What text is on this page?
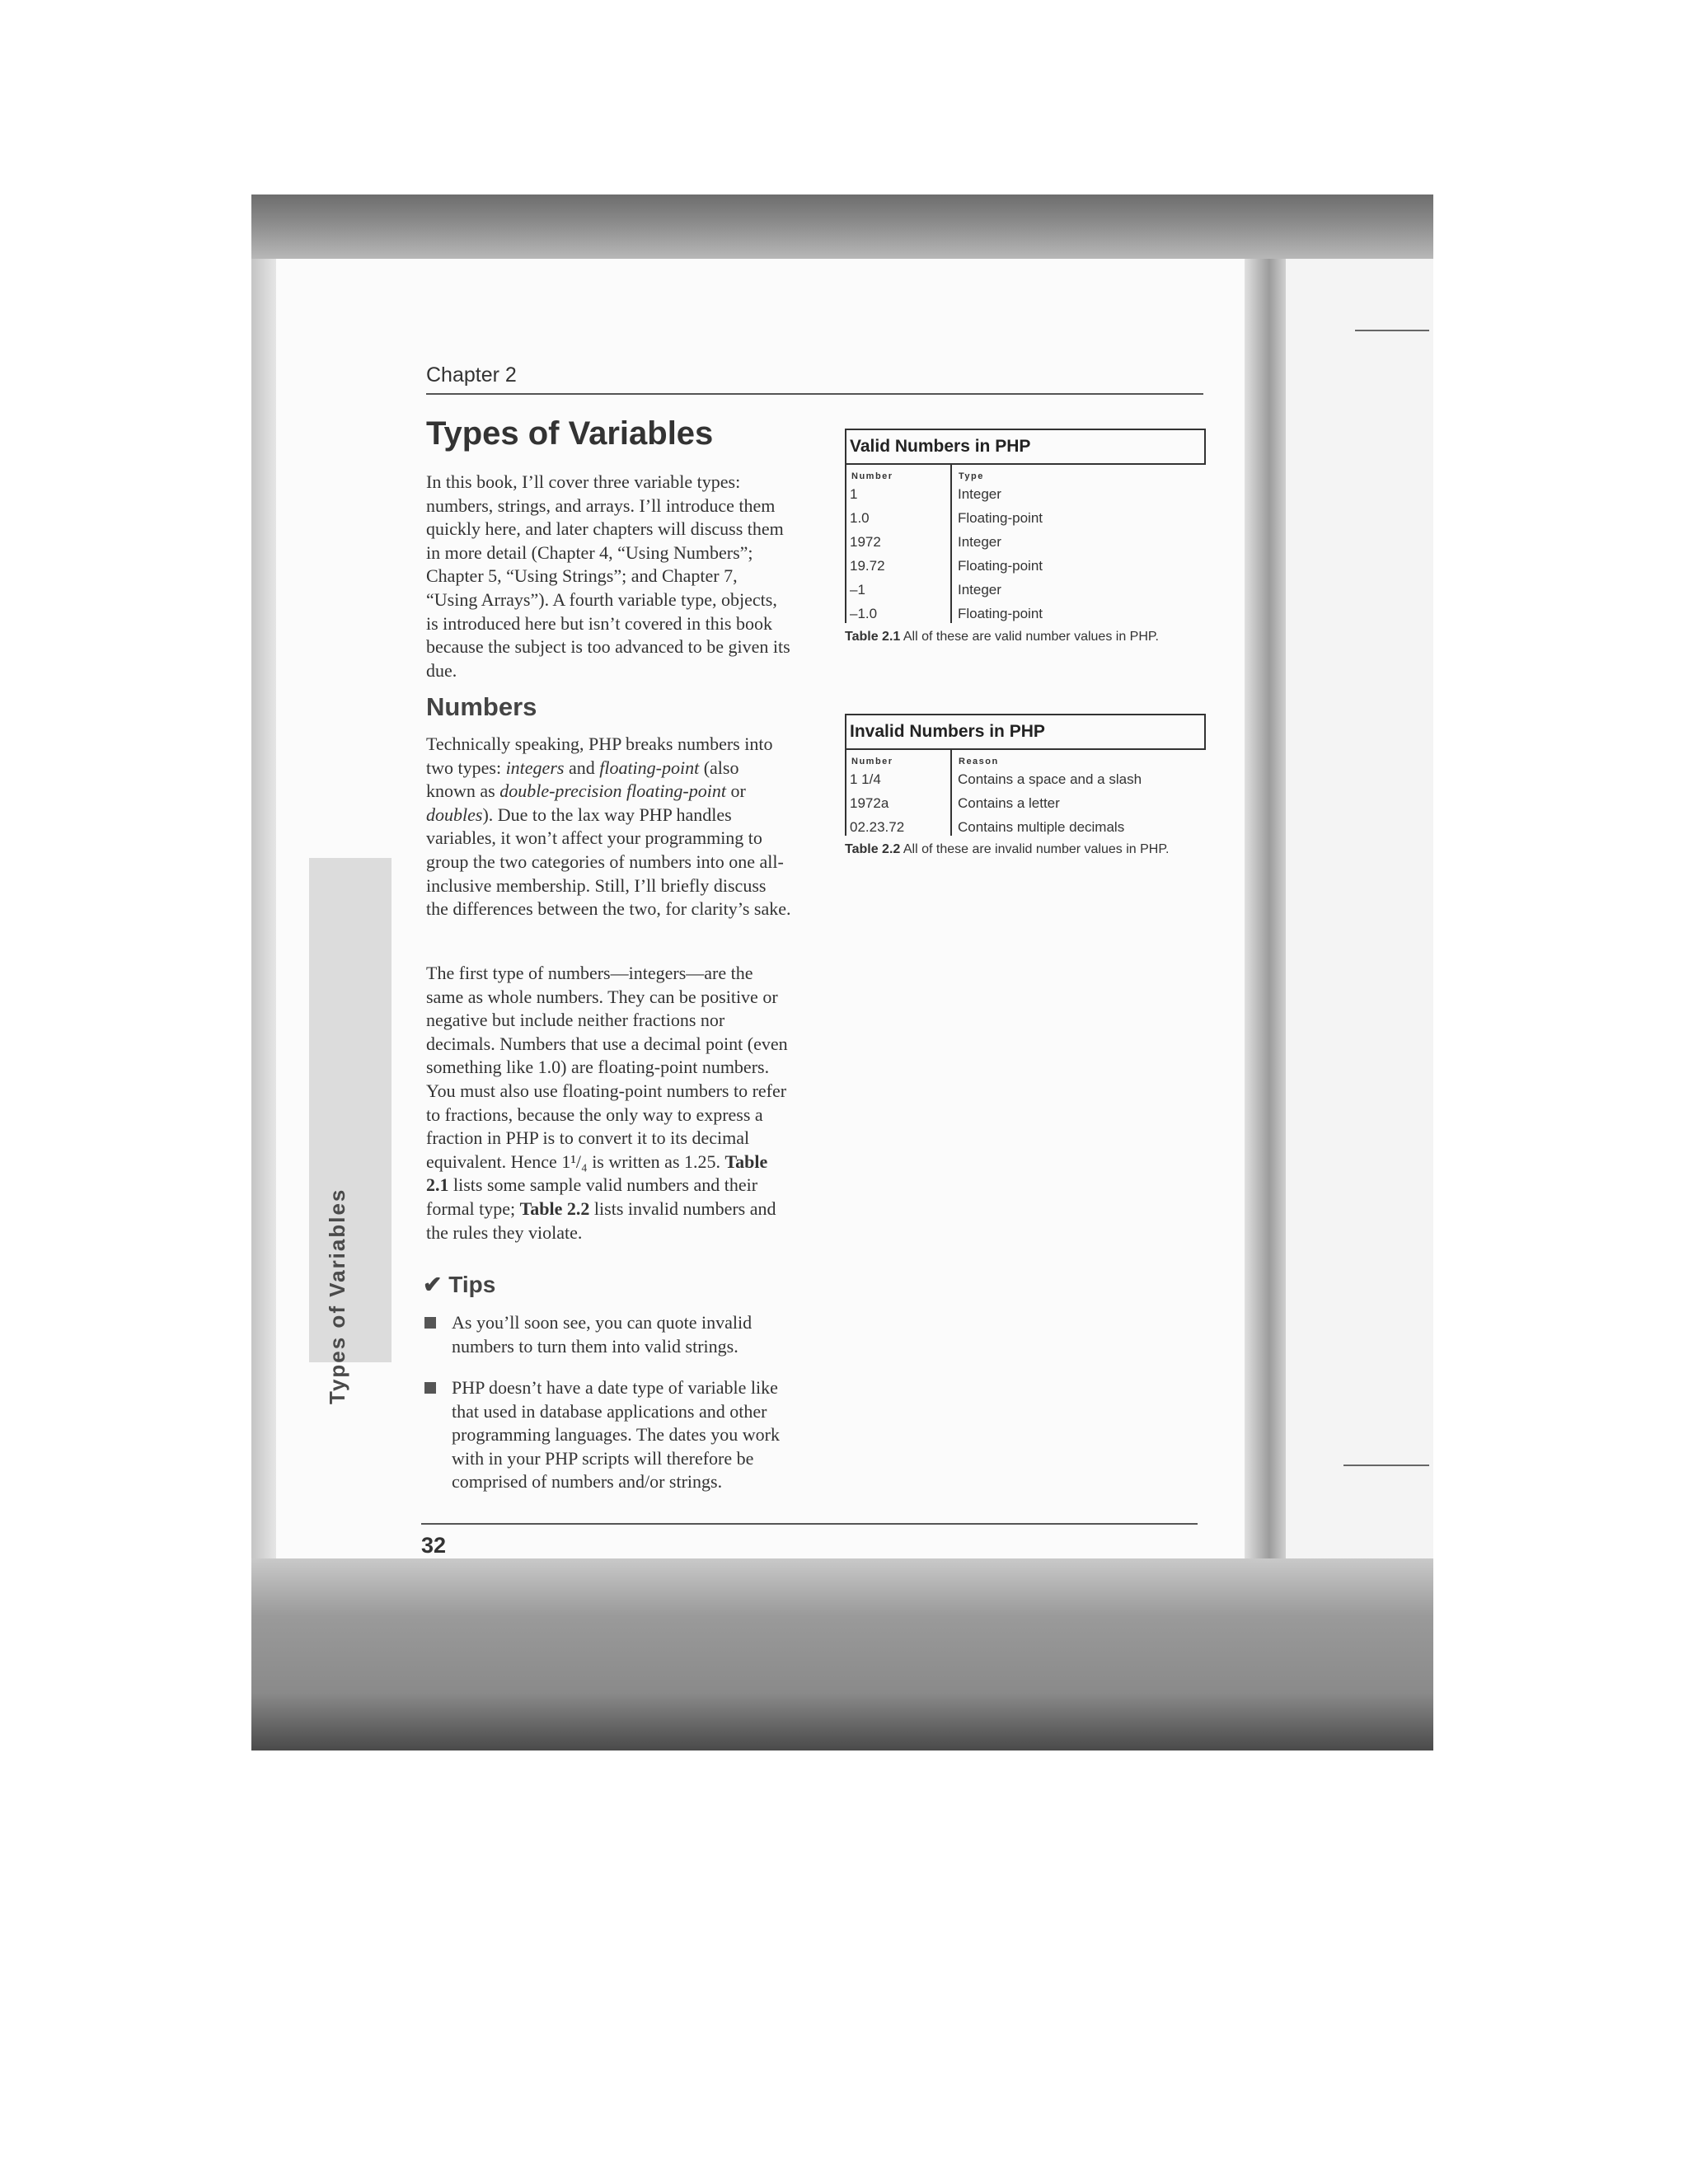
Types of Variables
Chapter 2
Types of Variables

In this book, I’ll cover three variable types: numbers, strings, and arrays. I’ll introduce them quickly here, and later chapters will discuss them in more detail (Chapter 4, “Using Numbers”; Chapter 5, “Using Strings”; and Chapter 7, “Using Arrays”). A fourth variable type, objects, is introduced here but isn’t covered in this book because the subject is too advanced to be given its due.

Numbers

Technically speaking, PHP breaks numbers into two types: integers and floating-point (also known as double-precision floating-point or doubles). Due to the lax way PHP handles variables, it won’t affect your programming to group the two categories of numbers into one all-inclusive membership. Still, I’ll briefly discuss the differences between the two, for clarity’s sake.

The first type of numbers—integers—are the same as whole numbers. They can be positive or negative but include neither fractions nor decimals. Numbers that use a decimal point (even something like 1.0) are floating-point numbers. You must also use floating-point numbers to refer to fractions, because the only way to express a fraction in PHP is to convert it to its decimal equivalent. Hence 1¹/₄ is written as 1.25. Table 2.1 lists some sample valid numbers and their formal type; Table 2.2 lists invalid numbers and the rules they violate.

✔ Tips

As you’ll soon see, you can quote invalid numbers to turn them into valid strings.

PHP doesn’t have a date type of variable like that used in database applications and other programming languages. The dates you work with in your PHP scripts will therefore be comprised of numbers and/or strings.

32
Valid Numbers in PHP
Number	Type
1	Integer
1.0	Floating-point
1972	Integer
19.72	Floating-point
–1	Integer
–1.0	Floating-point
Table 2.1 All of these are valid number values in PHP.
Invalid Numbers in PHP
Number	Reason
1 1/4	Contains a space and a slash
1972a	Contains a letter
02.23.72	Contains multiple decimals
Table 2.2 All of these are invalid number values in PHP.
